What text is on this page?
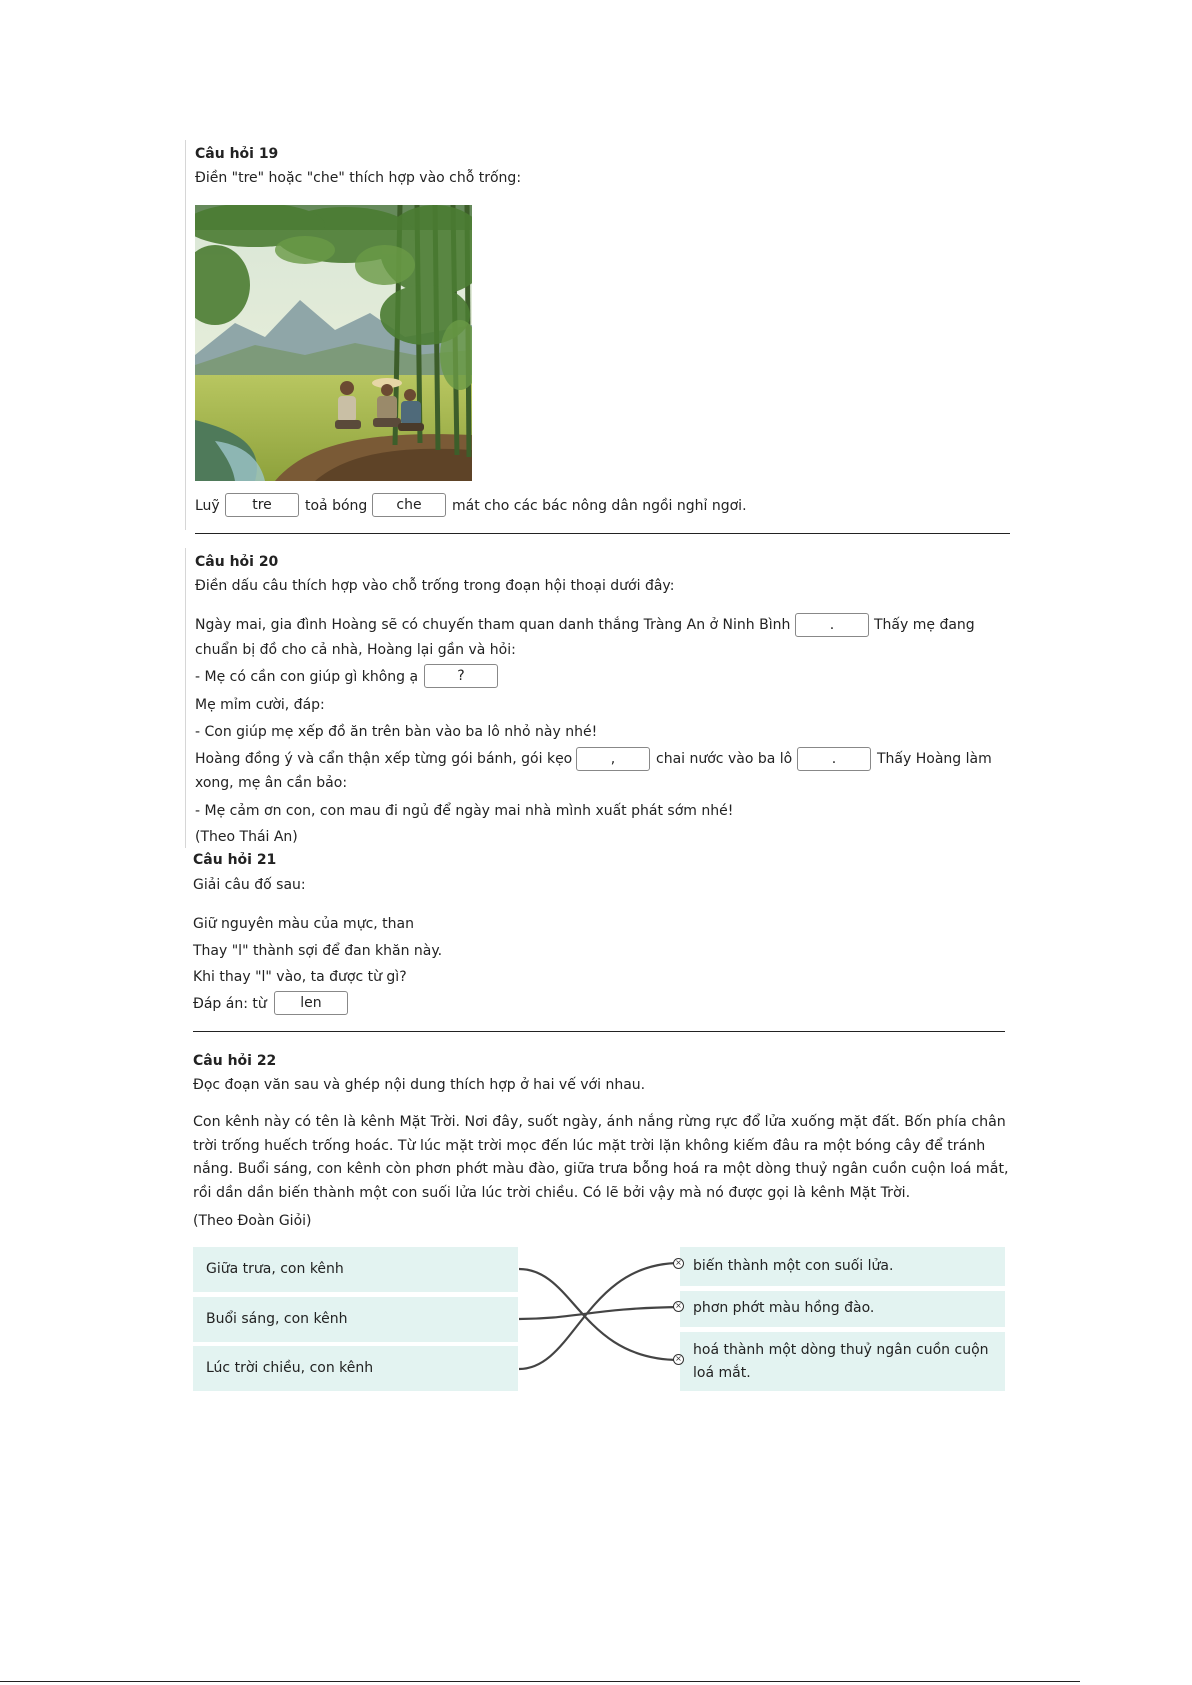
Câu hỏi 19
Điền "tre" hoặc "che" thích hợp vào chỗ trống:
Luỹ	tre	toả bóng	che	mát cho các bác nông dân ngồi nghỉ ngơi.
Câu hỏi 20
Điền dấu câu thích hợp vào chỗ trống trong đoạn hội thoại dưới đây:
Ngày mai, gia đình Hoàng sẽ có chuyến tham quan danh thắng Tràng An ở Ninh Bình	.	Thấy mẹ đang
chuẩn bị đồ cho cả nhà, Hoàng lại gần và hỏi:
- Mẹ có cần con giúp gì không ạ	?
Mẹ mỉm cười, đáp:
- Con giúp mẹ xếp đồ ăn trên bàn vào ba lô nhỏ này nhé!
Hoàng đồng ý và cẩn thận xếp từng gói bánh, gói kẹo	,	chai nước vào ba lô	.	Thấy Hoàng làm
xong, mẹ ân cần bảo:
- Mẹ cảm ơn con, con mau đi ngủ để ngày mai nhà mình xuất phát sớm nhé!
(Theo Thái An)
Câu hỏi 21
Giải câu đố sau:
Giữ nguyên màu của mực, than
Thay "l" thành sợi để đan khăn này.
Khi thay "l" vào, ta được từ gì?
Đáp án: từ	len
Câu hỏi 22
Đọc đoạn văn sau và ghép nội dung thích hợp ở hai vế với nhau.
Con kênh này có tên là kênh Mặt Trời. Nơi đây, suốt ngày, ánh nắng rừng rực đổ lửa xuống mặt đất. Bốn phía chân
trời trống huếch trống hoác. Từ lúc mặt trời mọc đến lúc mặt trời lặn không kiếm đâu ra một bóng cây để tránh
nắng. Buổi sáng, con kênh còn phơn phớt màu đào, giữa trưa bỗng hoá ra một dòng thuỷ ngân cuồn cuộn loá mắt,
rồi dần dần biến thành một con suối lửa lúc trời chiều. Có lẽ bởi vậy mà nó được gọi là kênh Mặt Trời.
(Theo Đoàn Giỏi)
Giữa trưa, con kênh
Buổi sáng, con kênh
Lúc trời chiều, con kênh
biến thành một con suối lửa.
phơn phớt màu hồng đào.
hoá thành một dòng thuỷ ngân cuồn cuộn
loá mắt.
×
×
×
